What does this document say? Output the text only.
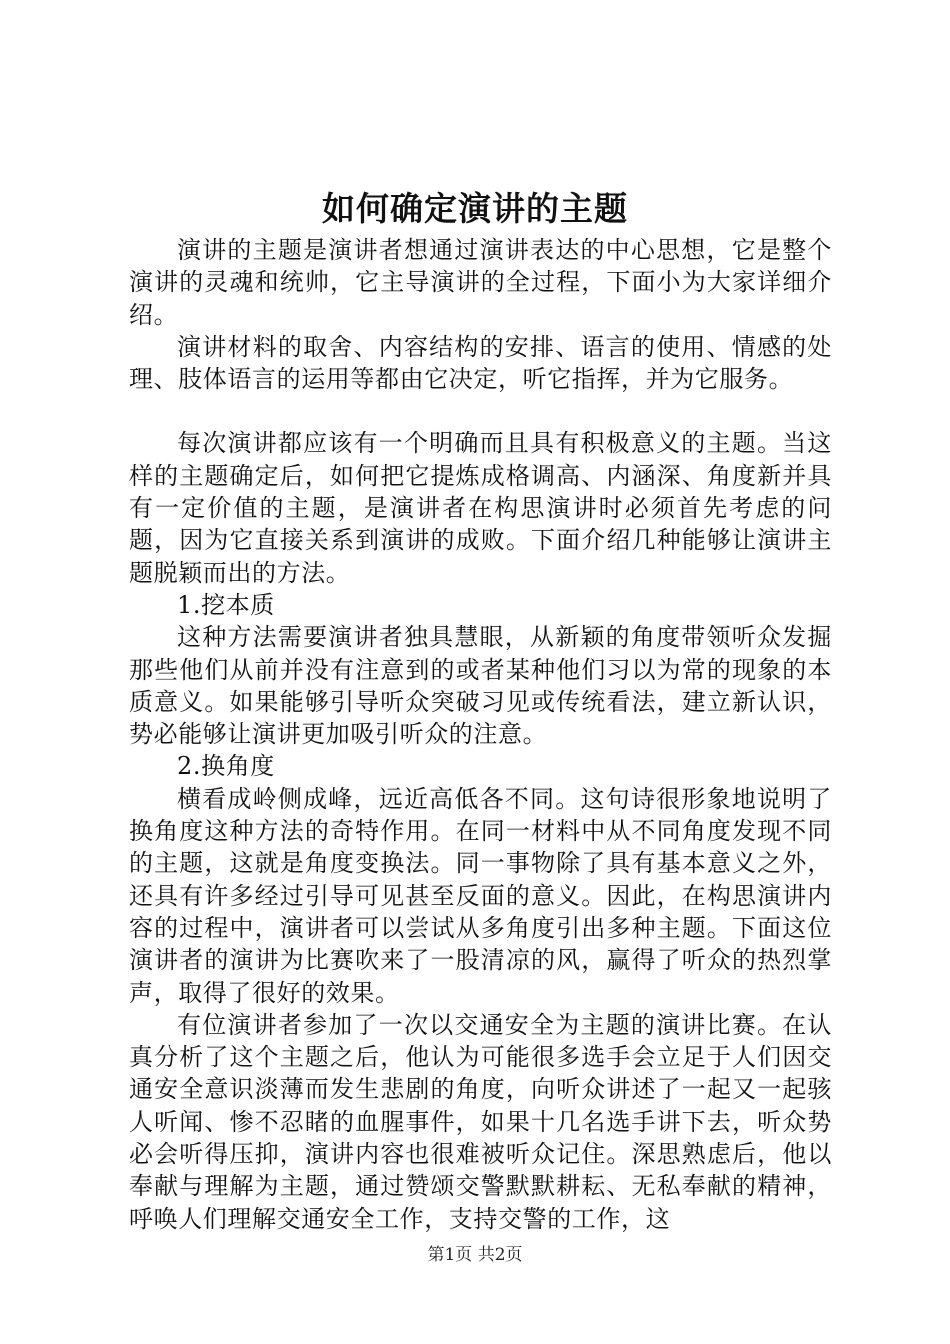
如何确定演讲的主题

演讲的主题是演讲者想通过演讲表达的中心思想，它是整个演讲的灵魂和统帅，它主导演讲的全过程，下面小为大家详细介绍。

演讲材料的取舍、内容结构的安排、语言的使用、情感的处理、肢体语言的运用等都由它决定，听它指挥，并为它服务。

每次演讲都应该有一个明确而且具有积极意义的主题。当这样的主题确定后，如何把它提炼成格调高、内涵深、角度新并具有一定价值的主题，是演讲者在构思演讲时必须首先考虑的问题，因为它直接关系到演讲的成败。下面介绍几种能够让演讲主题脱颖而出的方法。

1.挖本质

这种方法需要演讲者独具慧眼，从新颖的角度带领听众发掘那些他们从前并没有注意到的或者某种他们习以为常的现象的本质意义。如果能够引导听众突破习见或传统看法，建立新认识，势必能够让演讲更加吸引听众的注意。

2.换角度

横看成岭侧成峰，远近高低各不同。这句诗很形象地说明了换角度这种方法的奇特作用。在同一材料中从不同角度发现不同的主题，这就是角度变换法。同一事物除了具有基本意义之外，还具有许多经过引导可见甚至反面的意义。因此，在构思演讲内容的过程中，演讲者可以尝试从多角度引出多种主题。下面这位演讲者的演讲为比赛吹来了一股清凉的风，赢得了听众的热烈掌声，取得了很好的效果。

有位演讲者参加了一次以交通安全为主题的演讲比赛。在认真分析了这个主题之后，他认为可能很多选手会立足于人们因交通安全意识淡薄而发生悲剧的角度，向听众讲述了一起又一起骇人听闻、惨不忍睹的血腥事件，如果十几名选手讲下去，听众势必会听得压抑，演讲内容也很难被听众记住。深思熟虑后，他以奉献与理解为主题，通过赞颂交警默默耕耘、无私奉献的精神，呼唤人们理解交通安全工作，支持交警的工作，这

第1页 共2页
